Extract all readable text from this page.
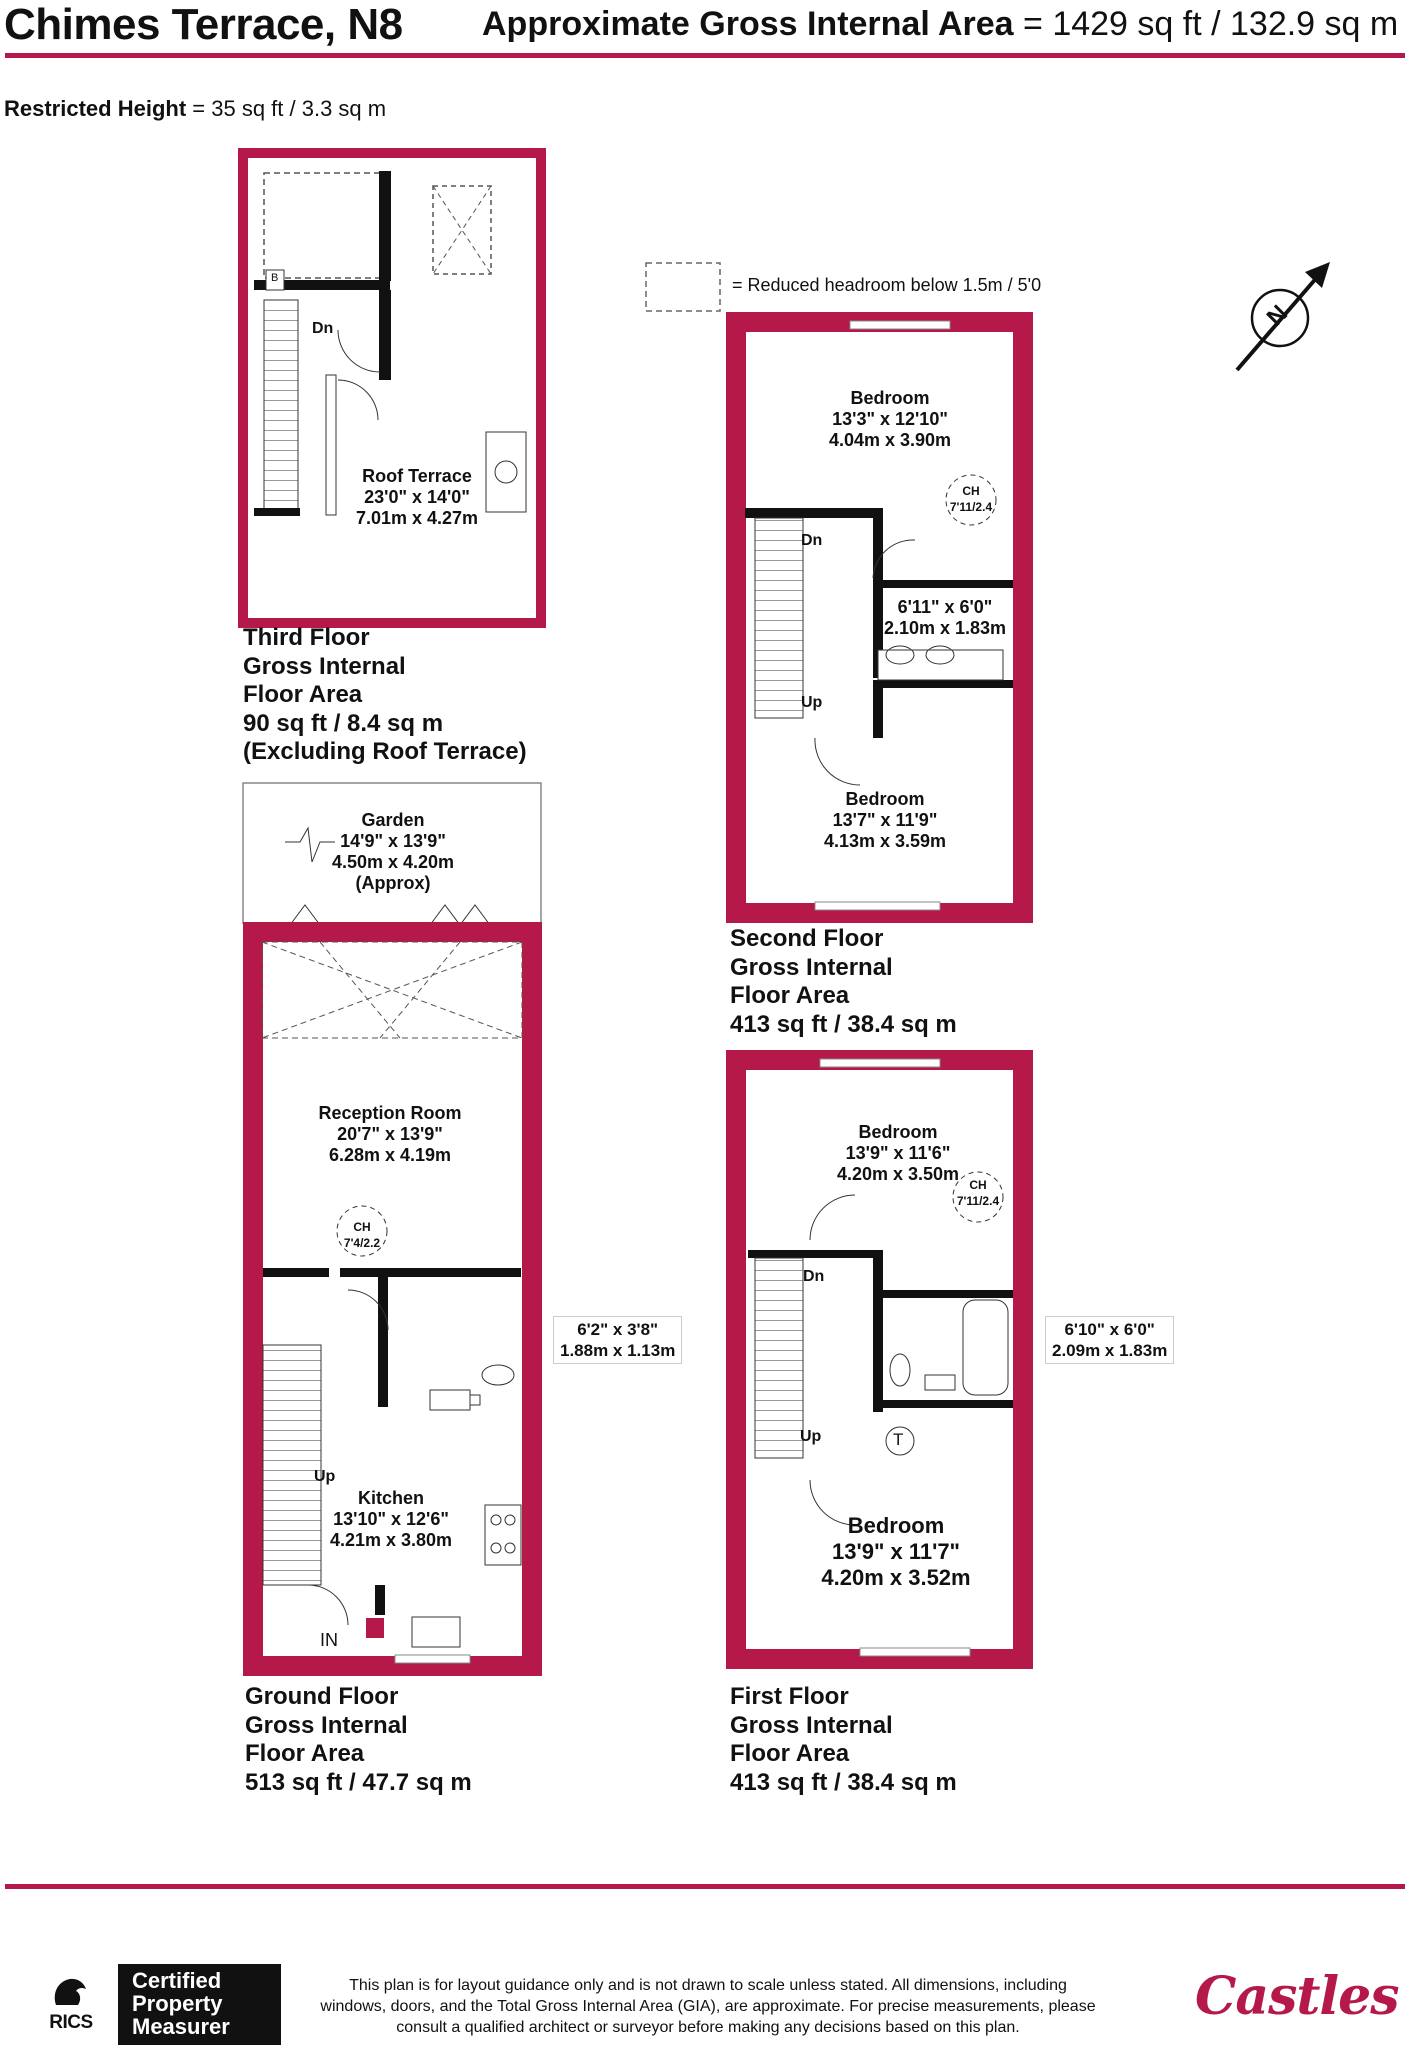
Chimes Terrace, N8 Approximate Gross Internal Area = 1429 sq ft / 132.9 sq m
Restricted Height = 35 sq ft / 3.3 sq m
= Reduced headroom below 1.5m / 5'0
N
B
Dn
Dn
Up
Up
IN
Dn
Up	T
Roof Terrace
23'0" x 14'0"
7.01m x 4.27m
Bedroom
13'3" x 12'10"
4.04m x 3.90m
6'11" x 6'0"
2.10m x 1.83m
Bedroom
13'7" x 11'9"
4.13m x 3.59m
Garden
14'9" x 13'9"
4.50m x 4.20m
(Approx)
Reception Room
20'7" x 13'9"
6.28m x 4.19m
6'2" x 3'8"
1.88m x 1.13m
Kitchen
13'10" x 12'6"
4.21m x 3.80m
Bedroom
13'9" x 11'6"
4.20m x 3.50m
6'10" x 6'0"
2.09m x 1.83m
Bedroom
13'9" x 11'7"
4.20m x 3.52m
CH
7'11/2.4
CH
7'4/2.2
CH
7'11/2.4
Third Floor
Gross Internal
Floor Area
90 sq ft / 8.4 sq m
(Excluding Roof Terrace)
Second Floor
Gross Internal
Floor Area
413 sq ft / 38.4 sq m
Ground Floor
Gross Internal
Floor Area
513 sq ft / 47.7 sq m
First Floor
Gross Internal
Floor Area
413 sq ft / 38.4 sq m
RICS
Certified
Property
Measurer
This plan is for layout guidance only and is not drawn to scale unless stated. All dimensions, including windows, doors, and the Total Gross Internal Area (GIA), are approximate. For precise measurements, please consult a qualified architect or surveyor before making any decisions based on this plan.
Castles
